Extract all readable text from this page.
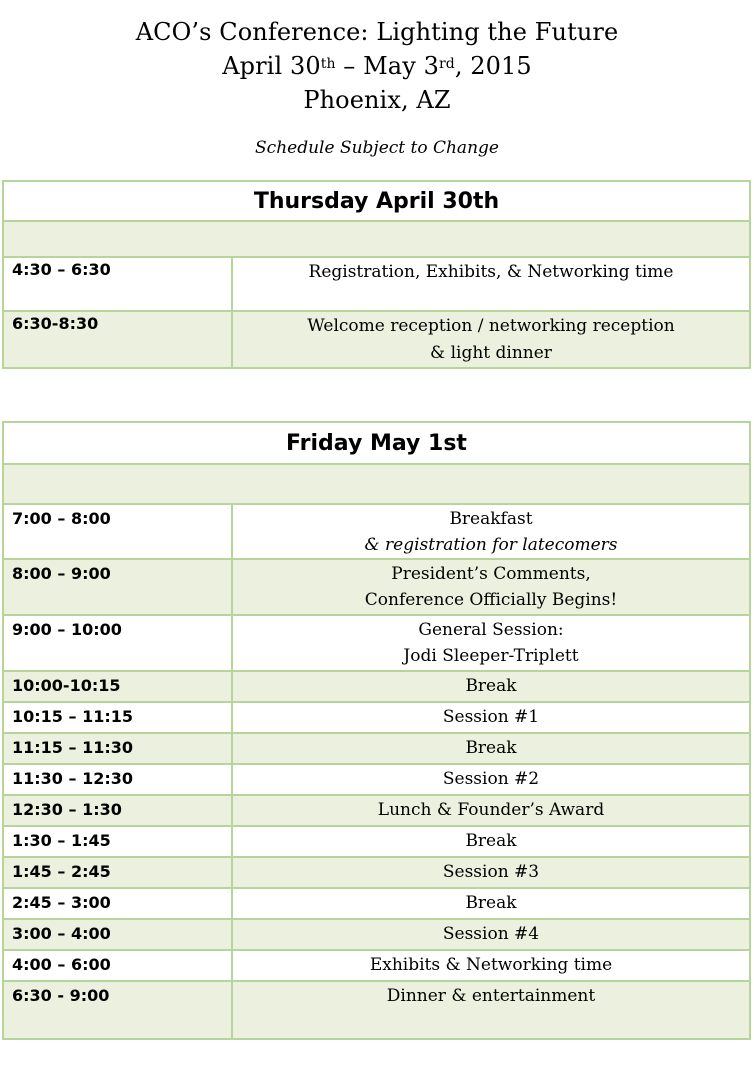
ACO’s Conference: Lighting the Future
April 30th – May 3rd, 2015
Phoenix, AZ
Schedule Subject to Change
Thursday April 30th	

4:30 – 6:30	Registration, Exhibits, & Networking time
6:30-8:30	Welcome reception / networking reception
& light dinner
Friday May 1st	

7:00 – 8:00	Breakfast
& registration for latecomers

8:00 – 9:00	President’s Comments,
Conference Officially Begins!

9:00 – 10:00	General Session:
Jodi Sleeper-Triplett

10:00-10:15	Break
10:15 – 11:15	Session #1
11:15 – 11:30	Break
11:30 – 12:30	Session #2
12:30 – 1:30	Lunch & Founder’s Award
1:30 – 1:45	Break
1:45 – 2:45	Session #3
2:45 – 3:00	Break
3:00 – 4:00	Session #4
4:00 – 6:00	Exhibits & Networking time
6:30 - 9:00	Dinner & entertainment
